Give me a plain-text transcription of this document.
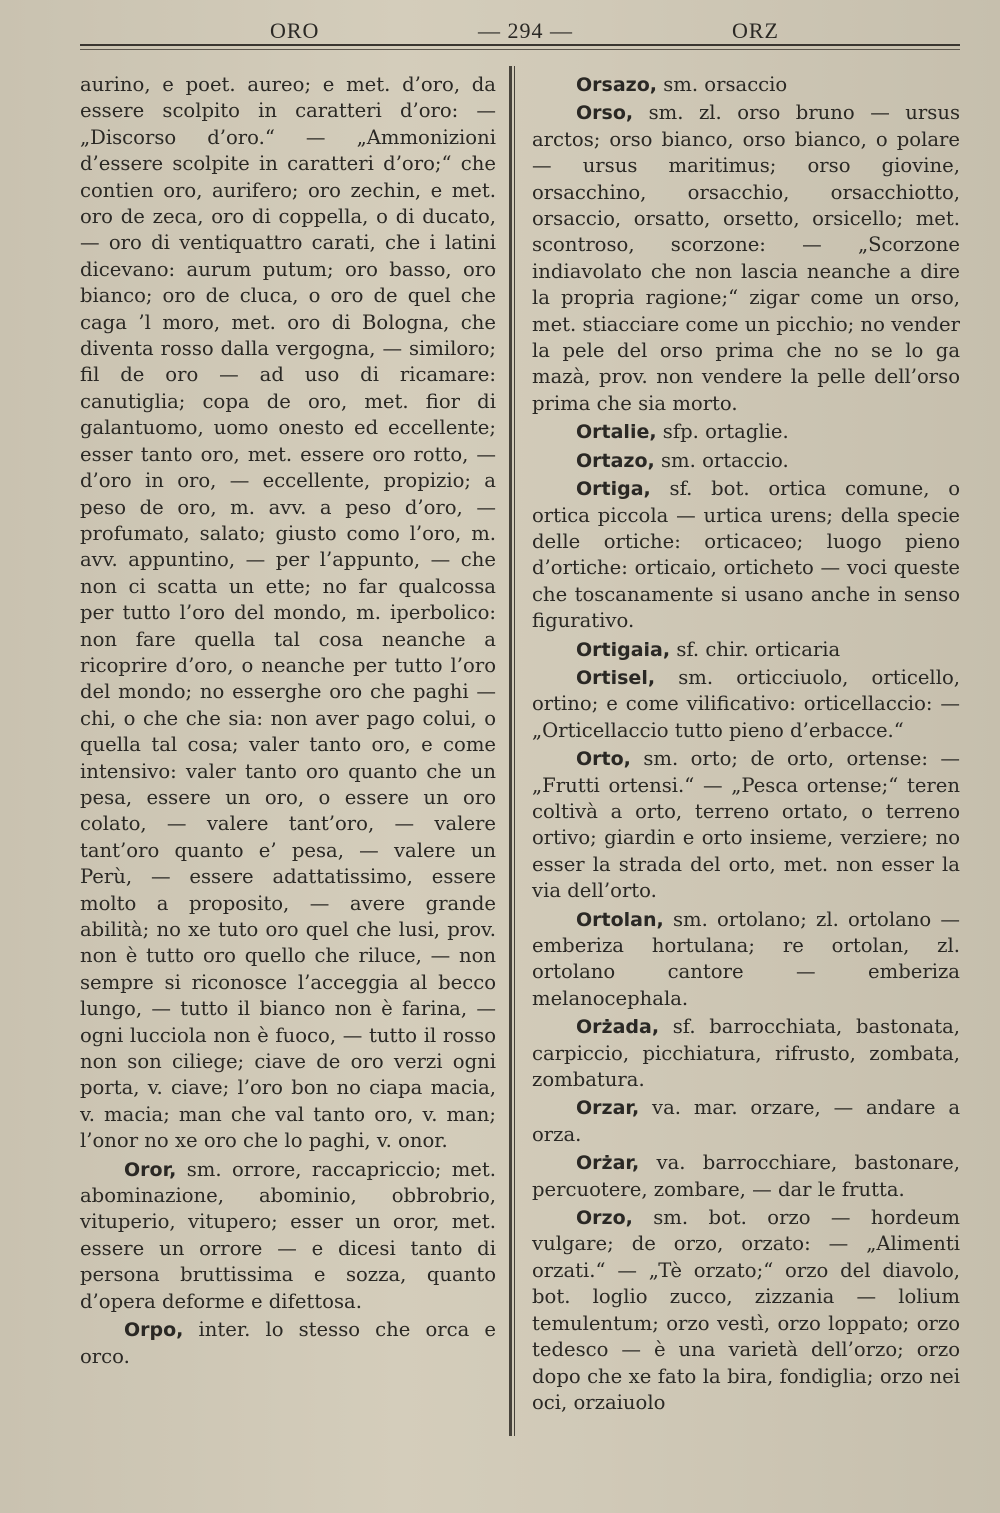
ORO	— 294 —	ORZ

aurino, e poet. aureo; e met. d’oro, da essere scolpito in caratteri d’oro: — „Discorso d’oro.“ — „Ammonizioni d’essere scolpite in caratteri d’oro;“ che contien oro, aurifero; oro zechin, e met. oro de zeca, oro di coppella, o di ducato, — oro di ventiquattro carati, che i latini dicevano: aurum putum; oro basso, oro bianco; oro de cluca, o oro de quel che caga ’l moro, met. oro di Bologna, che diventa rosso dalla vergogna, — similoro; fil de oro — ad uso di ricamare: canutiglia; copa de oro, met. fior di galantuomo, uomo onesto ed eccellente; esser tanto oro, met. essere oro rotto, — d’oro in oro, — eccellente, propizio; a peso de oro, m. avv. a peso d’oro, — profumato, salato; giusto como l’oro, m. avv. appuntino, — per l’appunto, — che non ci scatta un ette; no far qualcossa per tutto l’oro del mondo, m. iperbolico: non fare quella tal cosa neanche a ricoprire d’oro, o neanche per tutto l’oro del mondo; no esserghe oro che paghi — chi, o che che sia: non aver pago colui, o quella tal cosa; valer tanto oro, e come intensivo: valer tanto oro quanto che un pesa, essere un oro, o essere un oro colato, — valere tant’oro, — valere tant’oro quanto e’ pesa, — valere un Perù, — essere adattatissimo, essere molto a proposito, — avere grande abilità; no xe tuto oro quel che lusi, prov. non è tutto oro quello che riluce, — non sempre si riconosce l’acceggia al becco lungo, — tutto il bianco non è farina, — ogni lucciola non è fuoco, — tutto il rosso non son ciliege; ciave de oro verzi ogni porta, v. ciave; l’oro bon no ciapa macia, v. macia; man che val tanto oro, v. man; l’onor no xe oro che lo paghi, v. onor.

Oror, sm. orrore, raccapriccio; met. abominazione, abominio, obbrobrio, vituperio, vitupero; esser un oror, met. essere un orrore — e dicesi tanto di persona bruttissima e sozza, quanto d’opera deforme e difettosa.

Orpo, inter. lo stesso che orca e orco.

Orsazo, sm. orsaccio

Orso, sm. zl. orso bruno — ursus arctos; orso bianco, orso bianco, o polare — ursus maritimus; orso giovine, orsacchino, orsacchio, orsacchiotto, orsaccio, orsatto, orsetto, orsicello; met. scontroso, scorzone: — „Scorzone indiavolato che non lascia neanche a dire la propria ragione;“ zigar come un orso, met. stiacciare come un picchio; no vender la pele del orso prima che no se lo ga mazà, prov. non vendere la pelle dell’orso prima che sia morto.

Ortalie, sfp. ortaglie.

Ortazo, sm. ortaccio.

Ortiga, sf. bot. ortica comune, o ortica piccola — urtica urens; della specie delle ortiche: orticaceo; luogo pieno d’ortiche: orticaio, orticheto — voci queste che toscanamente si usano anche in senso figurativo.

Ortigaia, sf. chir. orticaria

Ortisel, sm. orticciuolo, orticello, ortino; e come vilificativo: orticellaccio: — „Orticellaccio tutto pieno d’erbacce.“

Orto, sm. orto; de orto, ortense: — „Frutti ortensi.“ — „Pesca ortense;“ teren coltivà a orto, terreno ortato, o terreno ortivo; giardin e orto insieme, verziere; no esser la strada del orto, met. non esser la via dell’orto.

Ortolan, sm. ortolano; zl. ortolano — emberiza hortulana; re ortolan, zl. ortolano cantore — emberiza melanocephala.

Orżada, sf. barrocchiata, bastonata, carpiccio, picchiatura, rifrusto, zombata, zombatura.

Orzar, va. mar. orzare, — andare a orza.

Orżar, va. barrocchiare, bastonare, percuotere, zombare, — dar le frutta.

Orzo, sm. bot. orzo — hordeum vulgare; de orzo, orzato: — „Alimenti orzati.“ — „Tè orzato;“ orzo del diavolo, bot. loglio zucco, zizzania — lolium temulentum; orzo vestì, orzo loppato; orzo tedesco — è una varietà dell’orzo; orzo dopo che xe fato la bira, fondiglia; orzo nei oci, orzaiuolo
